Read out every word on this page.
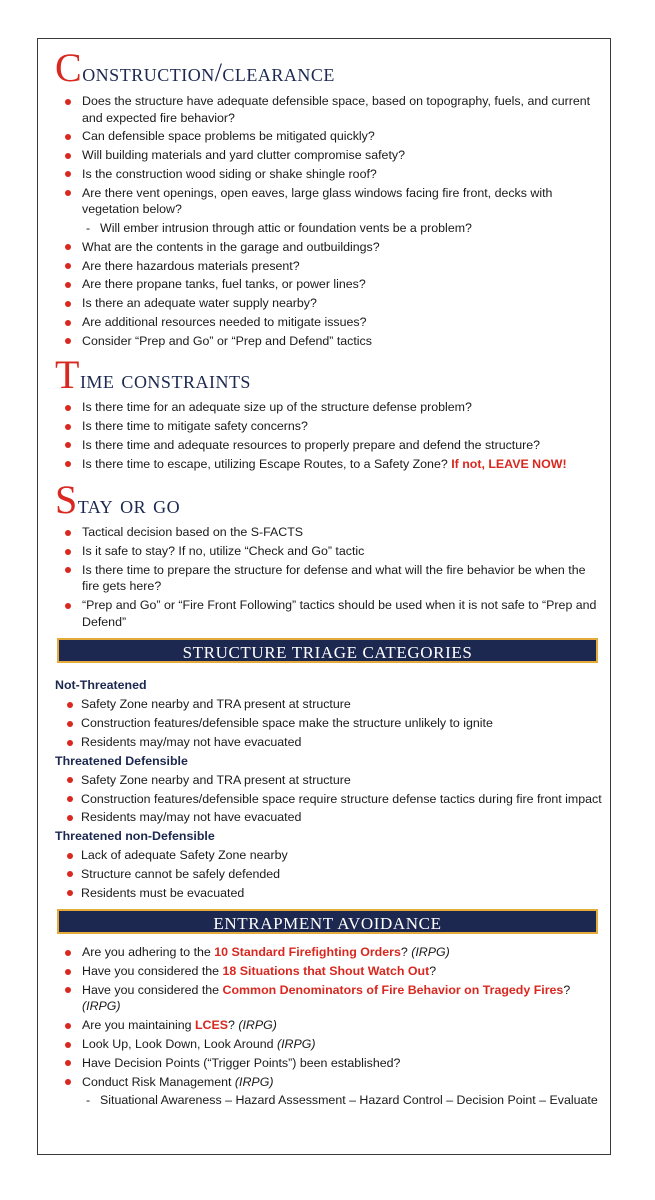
Construction/clearance
Does the structure have adequate defensible space, based on topography, fuels, and current and expected fire behavior?
Can defensible space problems be mitigated quickly?
Will building materials and yard clutter compromise safety?
Is the construction wood siding or shake shingle roof?
Are there vent openings, open eaves, large glass windows facing fire front, decks with vegetation below?
- Will ember intrusion through attic or foundation vents be a problem?
What are the contents in the garage and outbuildings?
Are there hazardous materials present?
Are there propane tanks, fuel tanks, or power lines?
Is there an adequate water supply nearby?
Are additional resources needed to mitigate issues?
Consider “Prep and Go” or “Prep and Defend” tactics
Time constraints
Is there time for an adequate size up of the structure defense problem?
Is there time to mitigate safety concerns?
Is there time and adequate resources to properly prepare and defend the structure?
Is there time to escape, utilizing Escape Routes, to a Safety Zone? If not, LEAVE NOW!
Stay or go
Tactical decision based on the S-FACTS
Is it safe to stay? If no, utilize “Check and Go” tactic
Is there time to prepare the structure for defense and what will the fire behavior be when the fire gets here?
“Prep and Go” or “Fire Front Following” tactics should be used when it is not safe to “Prep and Defend”
STRUCTURE TRIAGE CATEGORIES
Not-Threatened
Safety Zone nearby and TRA present at structure
Construction features/defensible space make the structure unlikely to ignite
Residents may/may not have evacuated
Threatened Defensible
Safety Zone nearby and TRA present at structure
Construction features/defensible space require structure defense tactics during fire front impact
Residents may/may not have evacuated
Threatened non-Defensible
Lack of adequate Safety Zone nearby
Structure cannot be safely defended
Residents must be evacuated
ENTRAPMENT AVOIDANCE
Are you adhering to the 10 Standard Firefighting Orders? (IRPG)
Have you considered the 18 Situations that Shout Watch Out?
Have you considered the Common Denominators of Fire Behavior on Tragedy Fires? (IRPG)
Are you maintaining LCES? (IRPG)
Look Up, Look Down, Look Around (IRPG)
Have Decision Points (“Trigger Points”) been established?
Conduct Risk Management (IRPG)
- Situational Awareness – Hazard Assessment – Hazard Control – Decision Point – Evaluate
